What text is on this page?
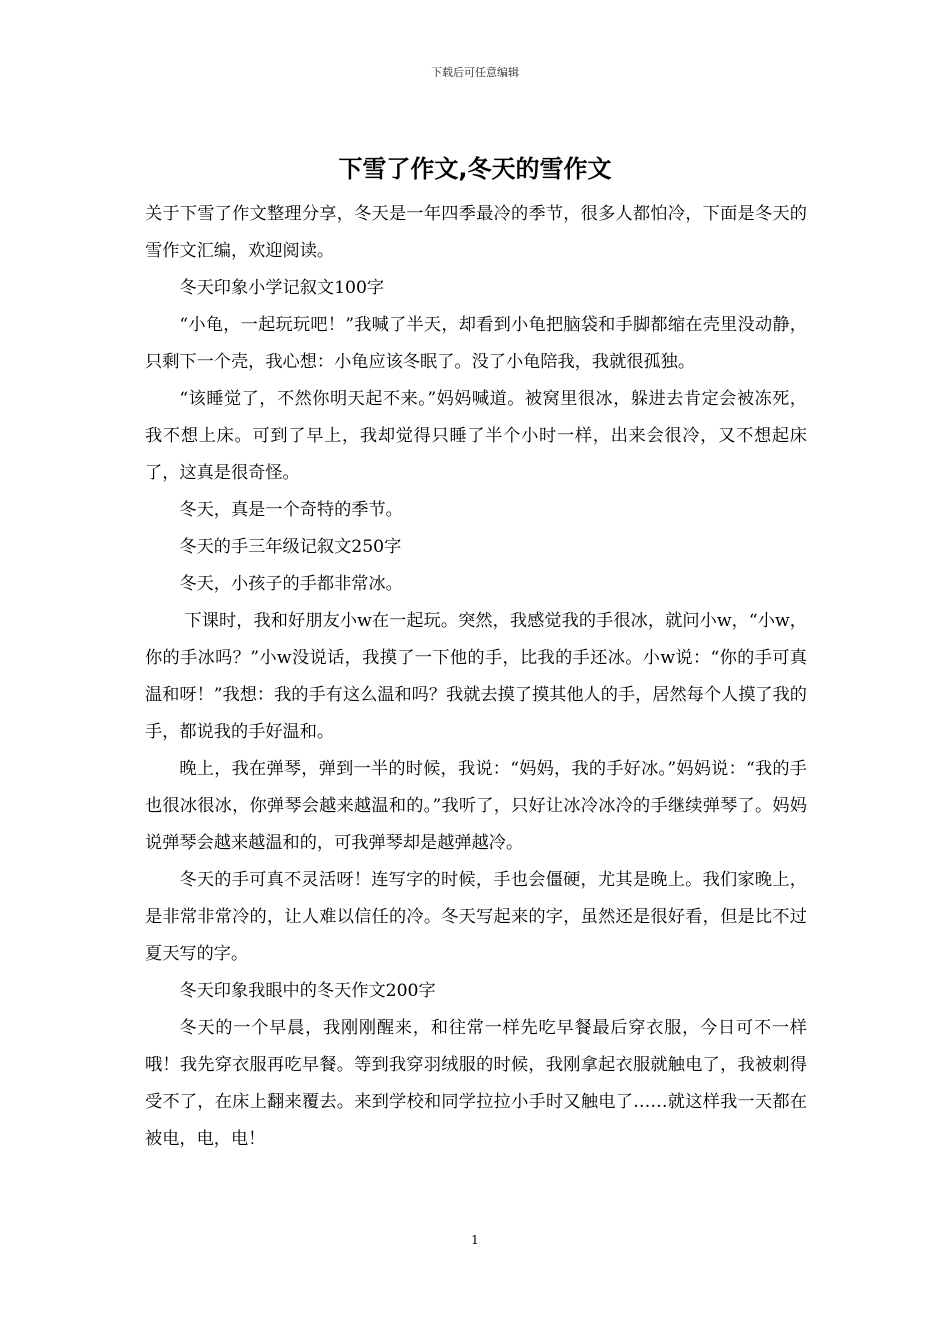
下载后可任意编辑
下雪了作文,冬天的雪作文

关于下雪了作文整理分享，冬天是一年四季最冷的季节，很多人都怕冷，下面是冬天的雪作文汇编，欢迎阅读。

冬天印象小学记叙文100字

“小龟，一起玩玩吧！”我喊了半天，却看到小龟把脑袋和手脚都缩在壳里没动静，只剩下一个壳，我心想：小龟应该冬眠了。没了小龟陪我，我就很孤独。

“该睡觉了，不然你明天起不来。”妈妈喊道。被窝里很冰，躲进去肯定会被冻死，我不想上床。可到了早上，我却觉得只睡了半个小时一样，出来会很冷，又不想起床了，这真是很奇怪。

冬天，真是一个奇特的季节。

冬天的手三年级记叙文250字

冬天，小孩子的手都非常冰。

下课时，我和好朋友小w在一起玩。突然，我感觉我的手很冰，就问小w，“小w，你的手冰吗？”小w没说话，我摸了一下他的手，比我的手还冰。小w说：“你的手可真温和呀！”我想：我的手有这么温和吗？我就去摸了摸其他人的手，居然每个人摸了我的手，都说我的手好温和。

晚上，我在弹琴，弹到一半的时候，我说：“妈妈，我的手好冰。”妈妈说：“我的手也很冰很冰，你弹琴会越来越温和的。”我听了，只好让冰冷冰冷的手继续弹琴了。妈妈说弹琴会越来越温和的，可我弹琴却是越弹越冷。

冬天的手可真不灵活呀！连写字的时候，手也会僵硬，尤其是晚上。我们家晚上，是非常非常冷的，让人难以信任的冷。冬天写起来的字，虽然还是很好看，但是比不过夏天写的字。

冬天印象我眼中的冬天作文200字

冬天的一个早晨，我刚刚醒来，和往常一样先吃早餐最后穿衣服，今日可不一样哦！我先穿衣服再吃早餐。等到我穿羽绒服的时候，我刚拿起衣服就触电了，我被刺得受不了，在床上翻来覆去。来到学校和同学拉拉小手时又触电了……就这样我一天都在被电，电，电！

1
